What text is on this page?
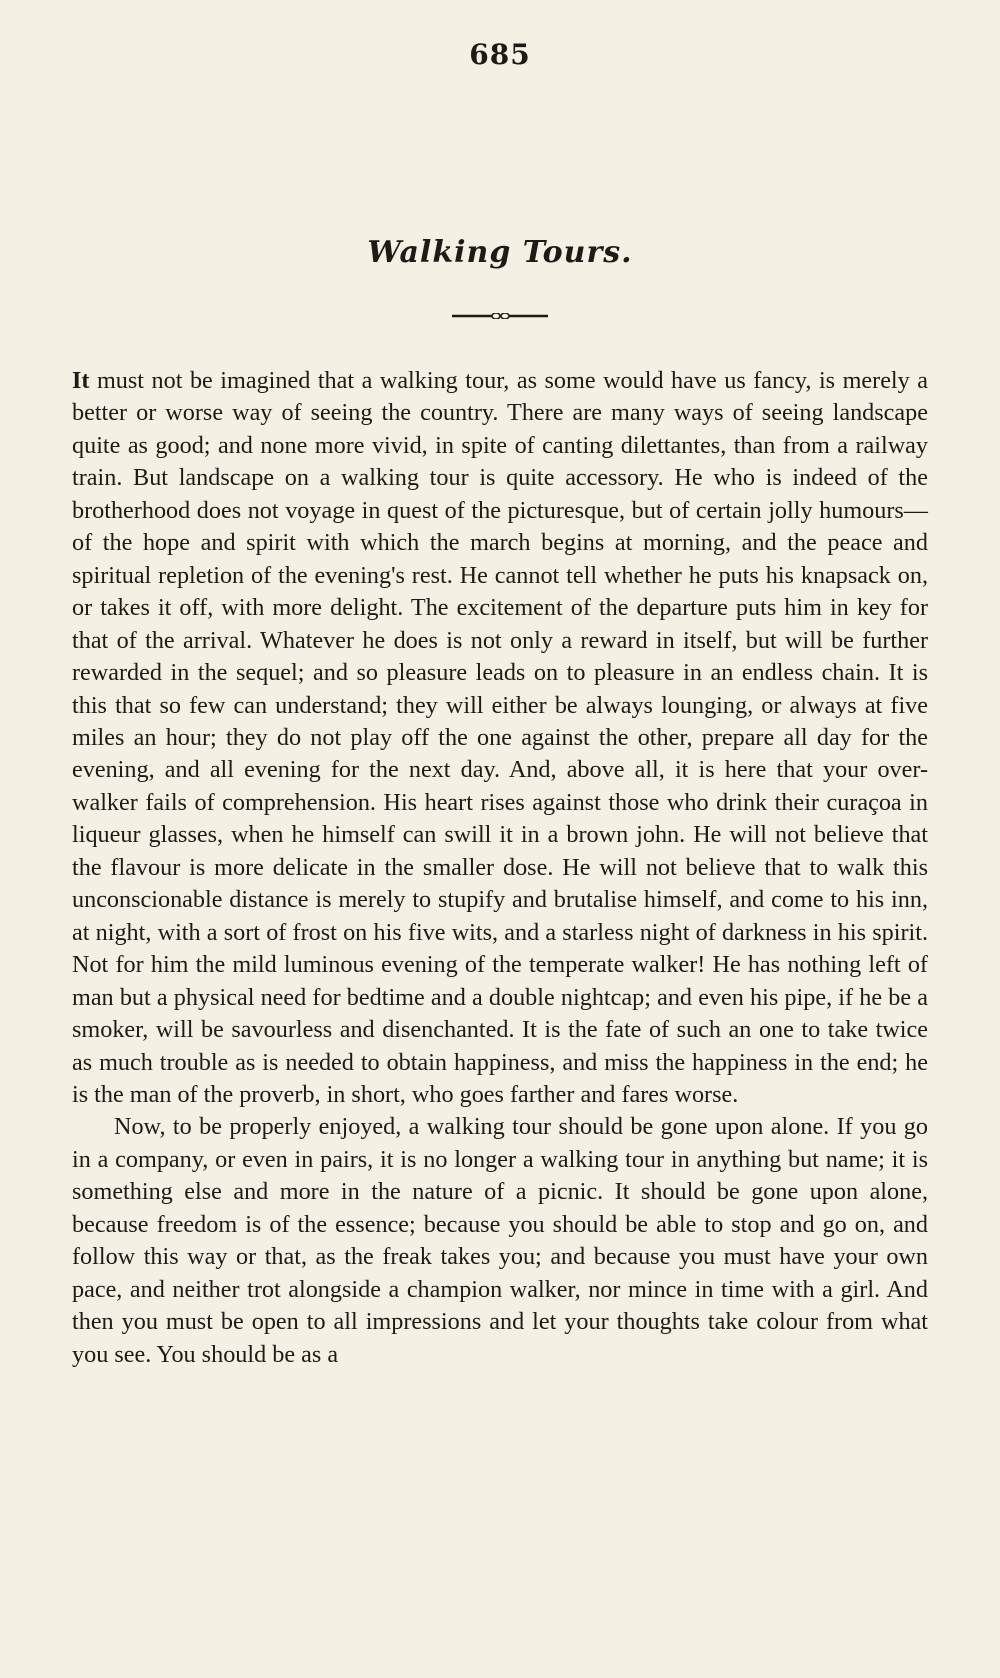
685
Walking Tours.

It must not be imagined that a walking tour, as some would have us fancy, is merely a better or worse way of seeing the country. There are many ways of seeing landscape quite as good; and none more vivid, in spite of canting dilettantes, than from a railway train. But landscape on a walking tour is quite accessory. He who is indeed of the brotherhood does not voyage in quest of the picturesque, but of certain jolly humours—of the hope and spirit with which the march begins at morning, and the peace and spiritual repletion of the evening's rest. He cannot tell whether he puts his knapsack on, or takes it off, with more delight. The excitement of the departure puts him in key for that of the arrival. Whatever he does is not only a reward in itself, but will be further rewarded in the sequel; and so pleasure leads on to pleasure in an endless chain. It is this that so few can understand; they will either be always lounging, or always at five miles an hour; they do not play off the one against the other, prepare all day for the evening, and all evening for the next day. And, above all, it is here that your over-walker fails of comprehension. His heart rises against those who drink their curaçoa in liqueur glasses, when he himself can swill it in a brown john. He will not believe that the flavour is more delicate in the smaller dose. He will not believe that to walk this unconscionable distance is merely to stupify and brutalise himself, and come to his inn, at night, with a sort of frost on his five wits, and a starless night of darkness in his spirit. Not for him the mild luminous evening of the temperate walker! He has nothing left of man but a physical need for bedtime and a double nightcap; and even his pipe, if he be a smoker, will be savourless and disenchanted. It is the fate of such an one to take twice as much trouble as is needed to obtain happiness, and miss the happiness in the end; he is the man of the proverb, in short, who goes farther and fares worse.

Now, to be properly enjoyed, a walking tour should be gone upon alone. If you go in a company, or even in pairs, it is no longer a walking tour in anything but name; it is something else and more in the nature of a picnic. It should be gone upon alone, because freedom is of the essence; because you should be able to stop and go on, and follow this way or that, as the freak takes you; and because you must have your own pace, and neither trot alongside a champion walker, nor mince in time with a girl. And then you must be open to all impressions and let your thoughts take colour from what you see. You should be as a
